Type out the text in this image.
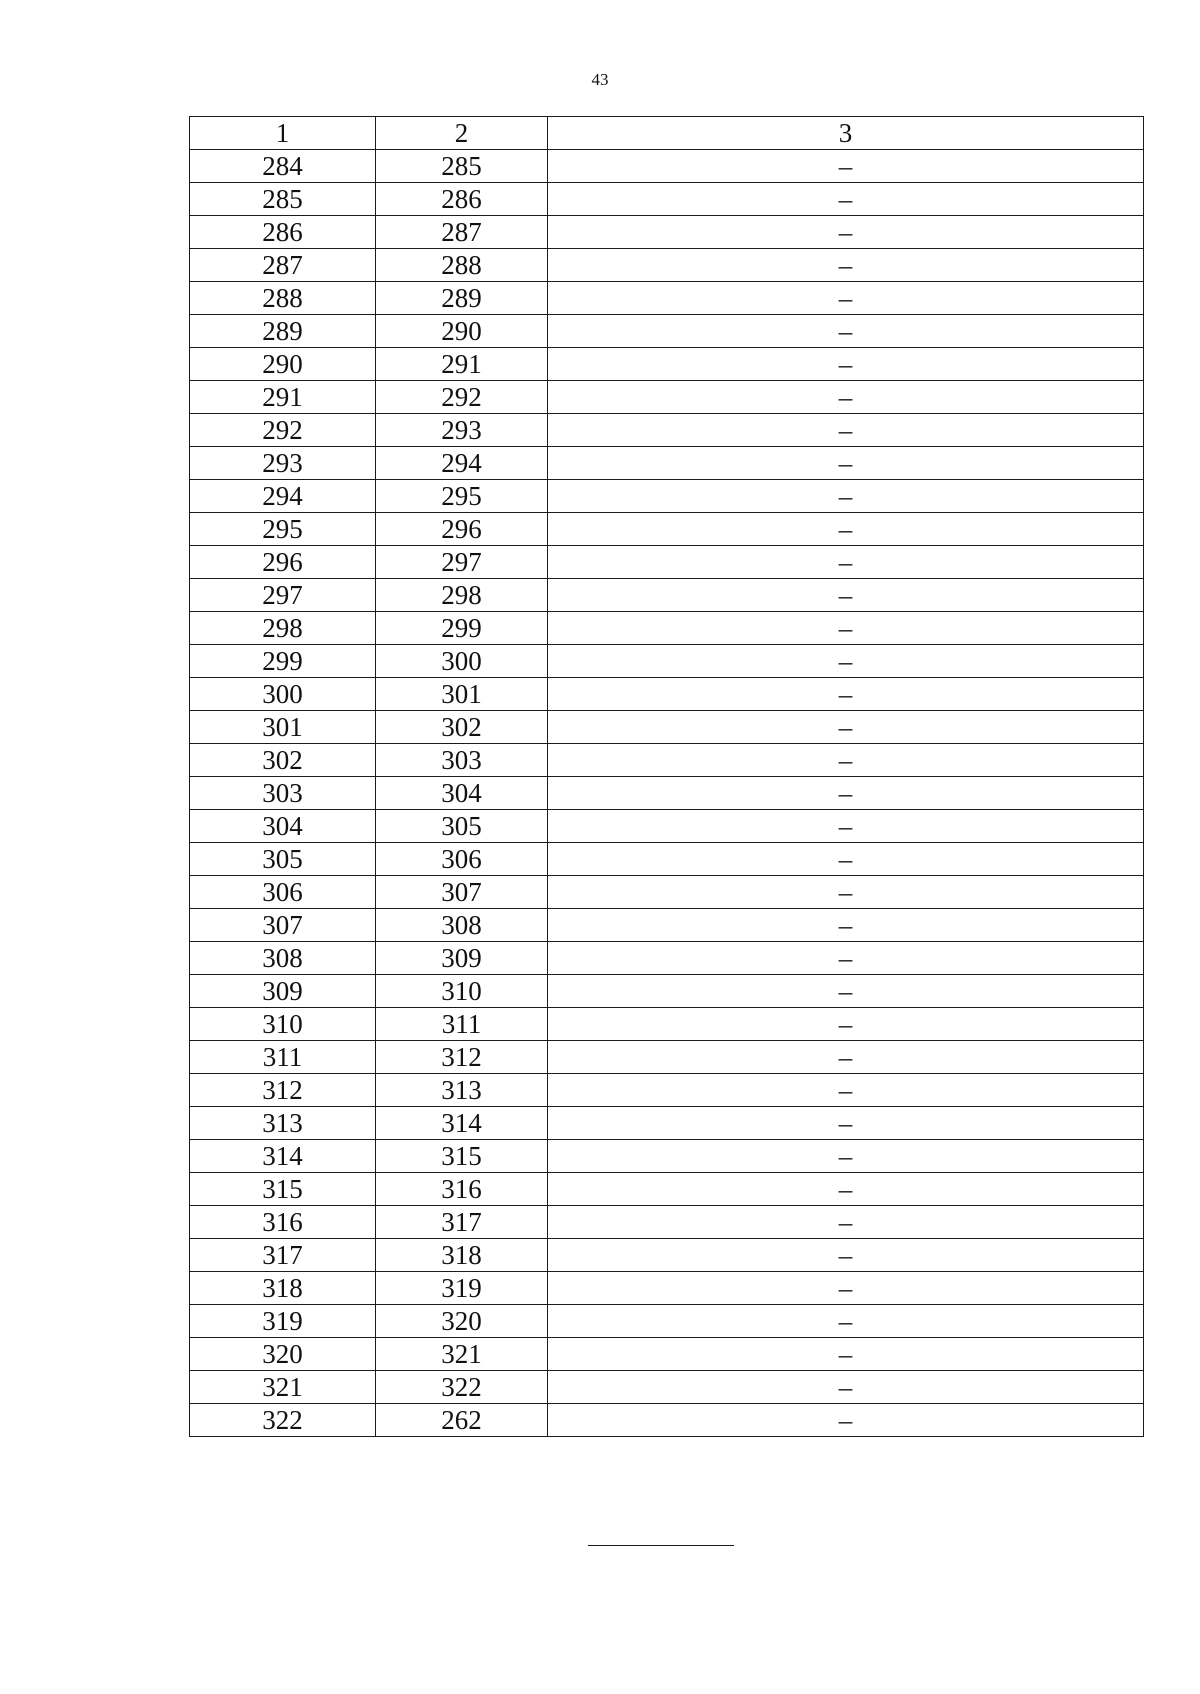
43
1	2	3
284	285	–
285	286	–
286	287	–
287	288	–
288	289	–
289	290	–
290	291	–
291	292	–
292	293	–
293	294	–
294	295	–
295	296	–
296	297	–
297	298	–
298	299	–
299	300	–
300	301	–
301	302	–
302	303	–
303	304	–
304	305	–
305	306	–
306	307	–
307	308	–
308	309	–
309	310	–
310	311	–
311	312	–
312	313	–
313	314	–
314	315	–
315	316	–
316	317	–
317	318	–
318	319	–
319	320	–
320	321	–
321	322	–
322	262	–
